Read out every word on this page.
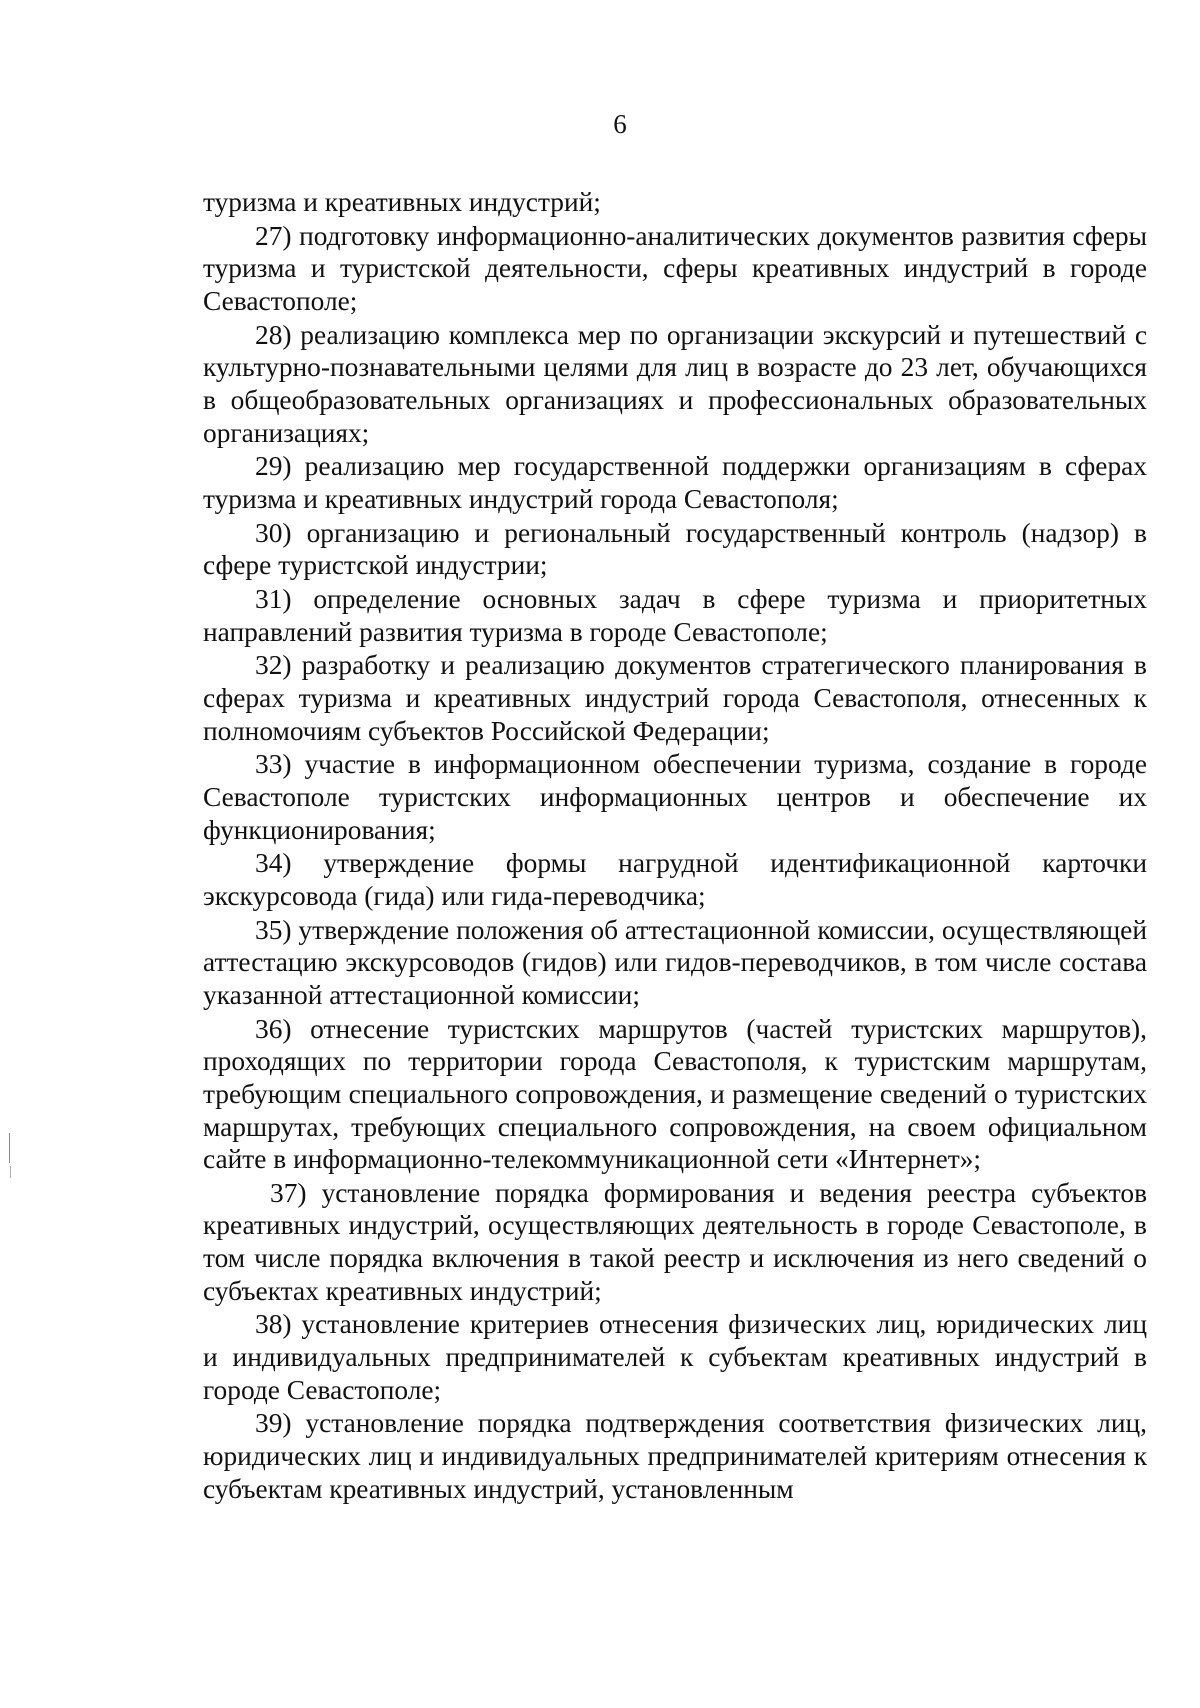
6

туризма и креативных индустрий;

27) подготовку информационно-аналитических документов развития сферы туризма и туристской деятельности, сферы креативных индустрий в городе Севастополе;

28) реализацию комплекса мер по организации экскурсий и путешествий с культурно-познавательными целями для лиц в возрасте до 23 лет, обучающихся в общеобразовательных организациях и профессиональных образовательных организациях;

29) реализацию мер государственной поддержки организациям в сферах туризма и креативных индустрий города Севастополя;

30) организацию и региональный государственный контроль (надзор) в сфере туристской индустрии;

31) определение основных задач в сфере туризма и приоритетных направлений развития туризма в городе Севастополе;

32) разработку и реализацию документов стратегического планирования в сферах туризма и креативных индустрий города Севастополя, отнесенных к полномочиям субъектов Российской Федерации;

33) участие в информационном обеспечении туризма, создание в городе Севастополе туристских информационных центров и обеспечение их функционирования;

34) утверждение формы нагрудной идентификационной карточки экскурсовода (гида) или гида-переводчика;

35) утверждение положения об аттестационной комиссии, осуществляющей аттестацию экскурсоводов (гидов) или гидов-переводчиков, в том числе состава указанной аттестационной комиссии;

36) отнесение туристских маршрутов (частей туристских маршрутов), проходящих по территории города Севастополя, к туристским маршрутам, требующим специального сопровождения, и размещение сведений о туристских маршрутах, требующих специального сопровождения, на своем официальном сайте в информационно-телекоммуникационной сети «Интернет»;

37) установление порядка формирования и ведения реестра субъектов креативных индустрий, осуществляющих деятельность в городе Севастополе, в том числе порядка включения в такой реестр и исключения из него сведений о субъектах креативных индустрий;

38) установление критериев отнесения физических лиц, юридических лиц и индивидуальных предпринимателей к субъектам креативных индустрий в городе Севастополе;

39) установление порядка подтверждения соответствия физических лиц, юридических лиц и индивидуальных предпринимателей критериям отнесения к субъектам креативных индустрий, установленным
